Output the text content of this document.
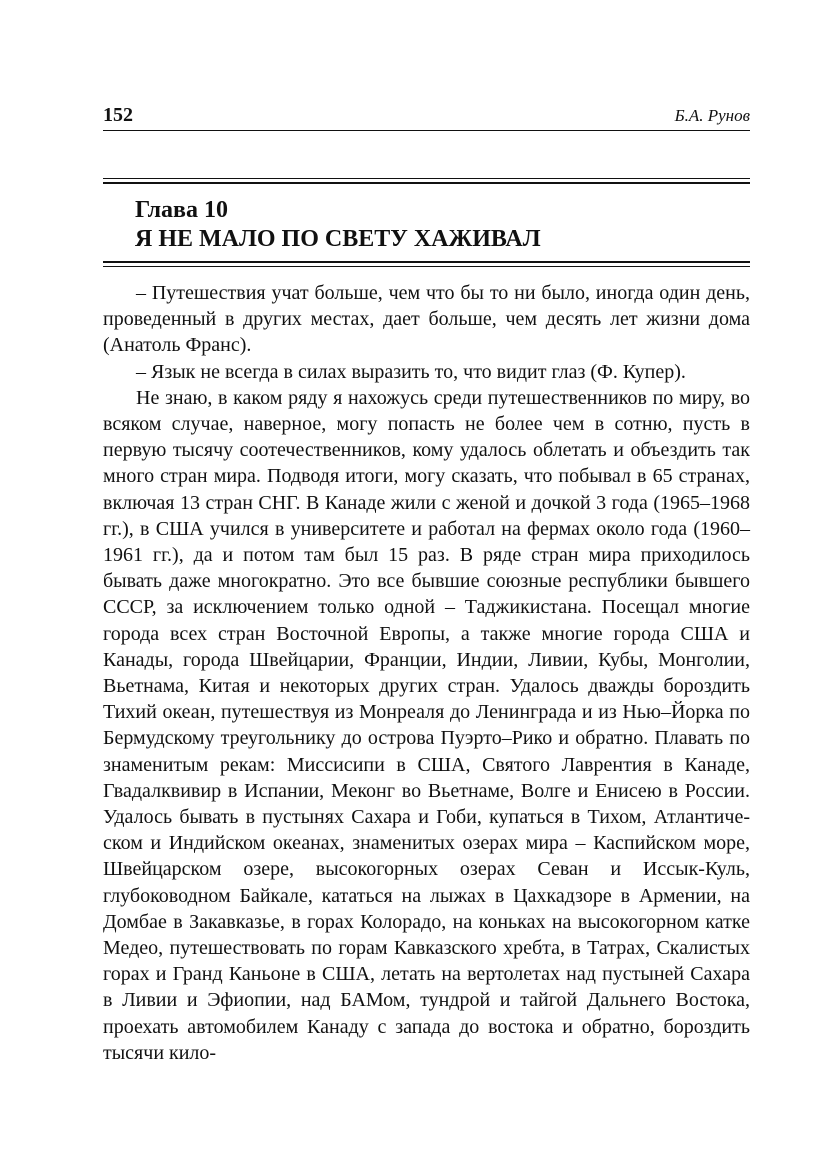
152	Б.А. Рунов
Глава 10
Я НЕ МАЛО ПО СВЕТУ ХАЖИВАЛ

– Путешествия учат больше, чем что бы то ни было, иногда один день, проведенный в других местах, дает больше, чем десять лет жизни дома (Анатоль Франс).

– Язык не всегда в силах выразить то, что видит глаз (Ф. Купер).

Не знаю, в каком ряду я нахожусь среди путешественников по миру, во всяком случае, наверное, могу попасть не более чем в сотню, пусть в первую тысячу соотечественников, кому удалось облетать и объездить так много стран мира. Подводя итоги, могу сказать, что побывал в 65 странах, включая 13 стран СНГ. В Канаде жили с женой и дочкой 3 года (1965–1968 гг.), в США учился в университете и работал на фермах около года (1960–1961 гг.), да и потом там был 15 раз. В ряде стран мира приходилось бывать даже многократно. Это все бывшие союзные республики бывшего СССР, за исключением только одной – Таджикистана. Посещал многие города всех стран Восточной Европы, а также многие города США и Канады, города Швейцарии, Франции, Индии, Ливии, Кубы, Монголии, Вьетнама, Китая и некоторых других стран. Удалось дважды бороздить Тихий океан, путешествуя из Монреаля до Ленинграда и из Нью–Йорка по Бермудскому треугольнику до острова Пуэрто–Рико и обратно. Плавать по знаменитым рекам: Миссисипи в США, Святого Лаврентия в Канаде, Гвадалквивир в Испании, Меконг во Вьетнаме, Волге и Енисею в России. Удалось бывать в пустынях Сахара и Гоби, купаться в Тихом, Атлантическом и Индийском океанах, знаменитых озерах мира – Каспийском море, Швейцарском озере, высокогорных озерах Севан и Иссык-Куль, глубоководном Байкале, кататься на лыжах в Цахкадзоре в Армении, на Домбае в Закавказье, в горах Колорадо, на коньках на высокогорном катке Медео, путешествовать по горам Кавказского хребта, в Татрах, Скалистых горах и Гранд Каньоне в США, летать на вертолетах над пустыней Сахара в Ливии и Эфиопии, над БАМом, тундрой и тайгой Дальнего Востока, проехать автомобилем Канаду с запада до востока и обратно, бороздить тысячи кило-
